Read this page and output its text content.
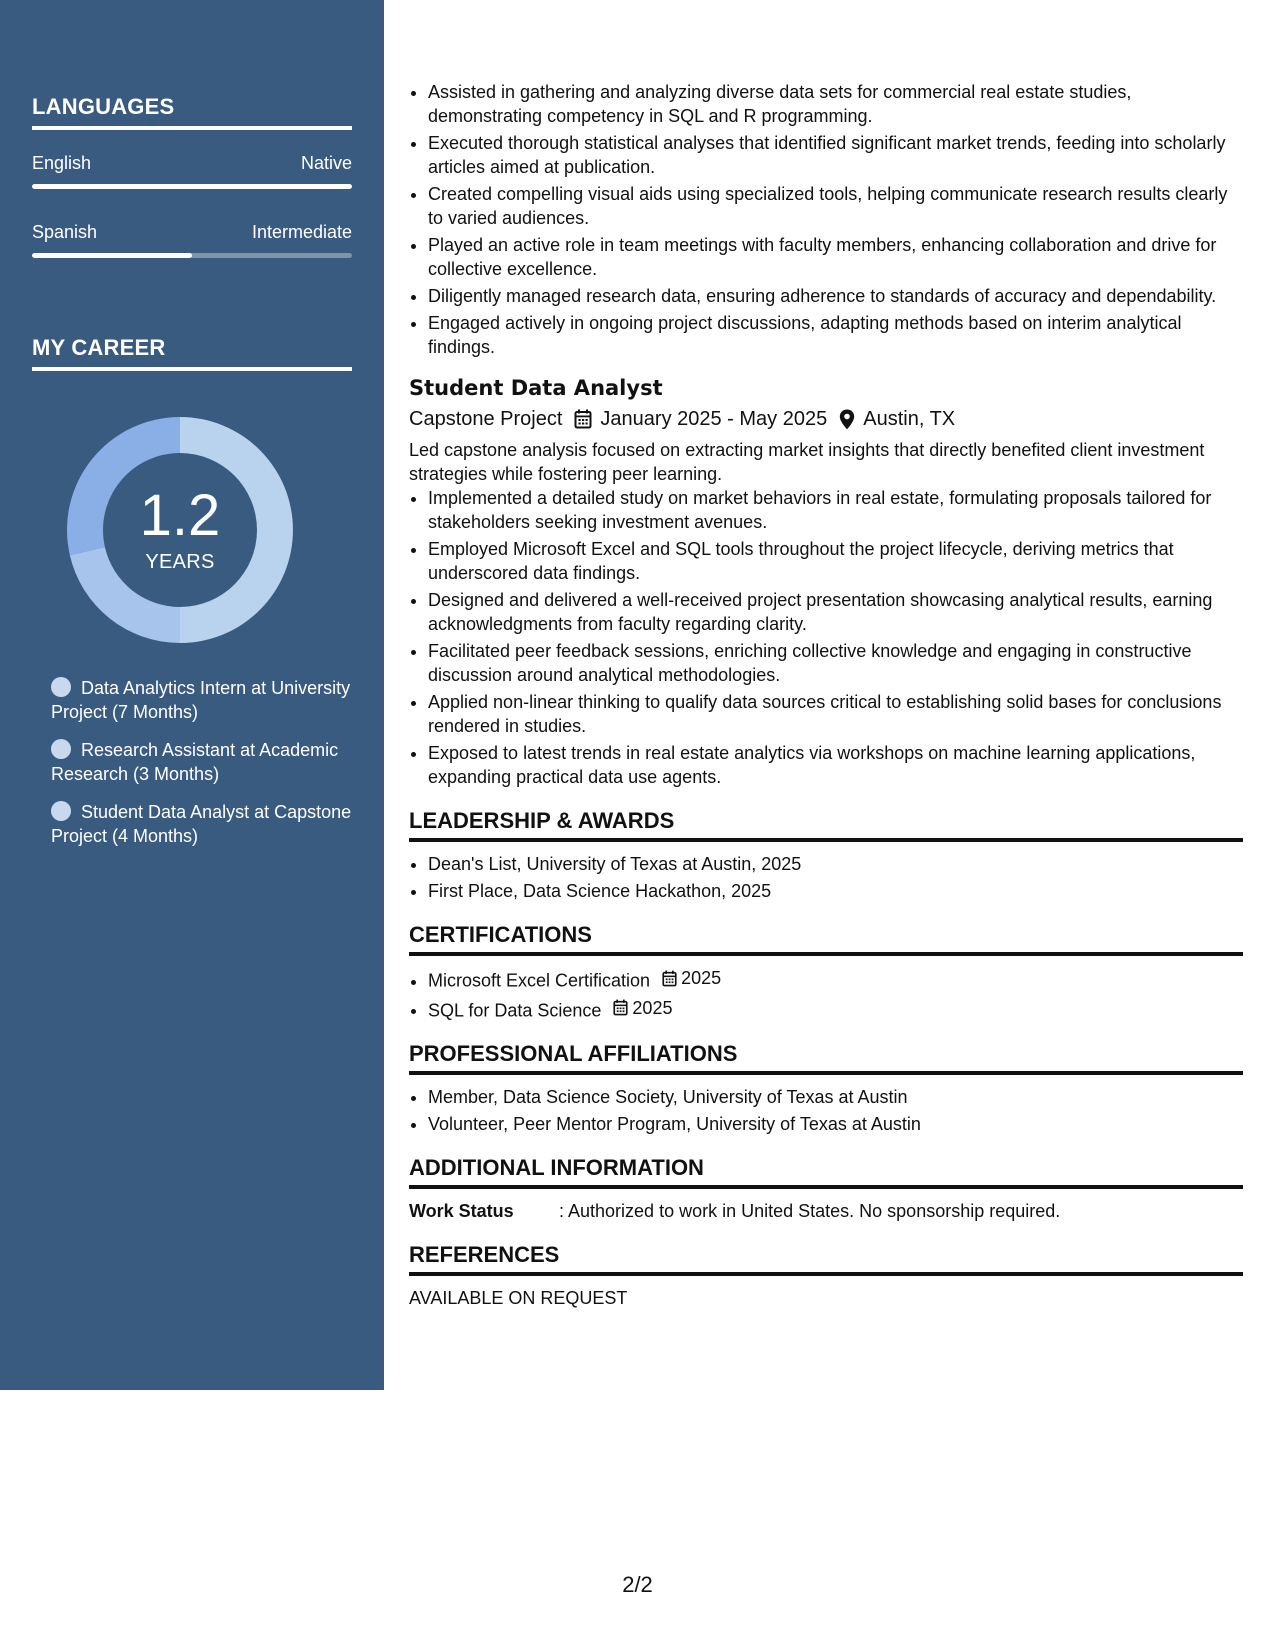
LANGUAGES
English	Native
Spanish	Intermediate
MY CAREER
1.2
YEARS
Data Analytics Intern at University Project (7 Months)
Research Assistant at Academic Research (3 Months)
Student Data Analyst at Capstone Project (4 Months)
• Assisted in gathering and analyzing diverse data sets for commercial real estate studies, demonstrating competency in SQL and R programming.
• Executed thorough statistical analyses that identified significant market trends, feeding into scholarly articles aimed at publication.
• Created compelling visual aids using specialized tools, helping communicate research results clearly to varied audiences.
• Played an active role in team meetings with faculty members, enhancing collaboration and drive for collective excellence.
• Diligently managed research data, ensuring adherence to standards of accuracy and dependability.
• Engaged actively in ongoing project discussions, adapting methods based on interim analytical findings.
Student Data Analyst
Capstone Project January 2025 - May 2025 Austin, TX
Led capstone analysis focused on extracting market insights that directly benefited client investment strategies while fostering peer learning.
• Implemented a detailed study on market behaviors in real estate, formulating proposals tailored for stakeholders seeking investment avenues.
• Employed Microsoft Excel and SQL tools throughout the project lifecycle, deriving metrics that underscored data findings.
• Designed and delivered a well-received project presentation showcasing analytical results, earning acknowledgments from faculty regarding clarity.
• Facilitated peer feedback sessions, enriching collective knowledge and engaging in constructive discussion around analytical methodologies.
• Applied non-linear thinking to qualify data sources critical to establishing solid bases for conclusions rendered in studies.
• Exposed to latest trends in real estate analytics via workshops on machine learning applications, expanding practical data use agents.
LEADERSHIP & AWARDS
• Dean's List, University of Texas at Austin, 2025
• First Place, Data Science Hackathon, 2025
CERTIFICATIONS
• Microsoft Excel Certification 2025
• SQL for Data Science 2025
PROFESSIONAL AFFILIATIONS
• Member, Data Science Society, University of Texas at Austin
• Volunteer, Peer Mentor Program, University of Texas at Austin
ADDITIONAL INFORMATION
Work Status	: Authorized to work in United States. No sponsorship required.
REFERENCES
AVAILABLE ON REQUEST
2/2
